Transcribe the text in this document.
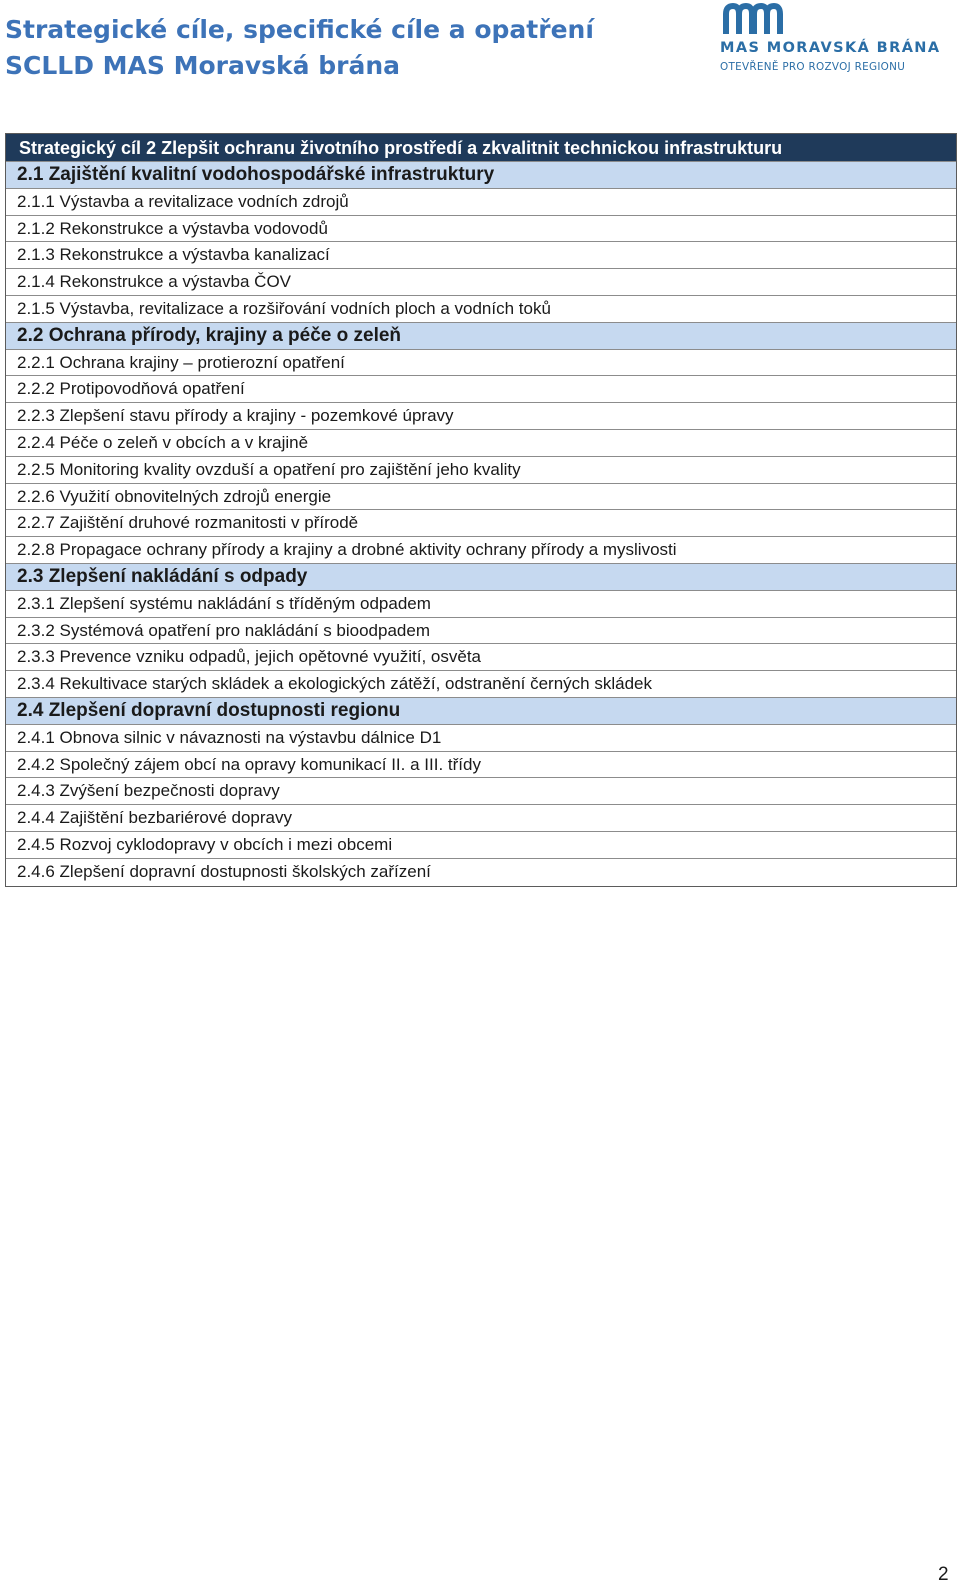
Strategické cíle, specifické cíle a opatření
SCLLD MAS Moravská brána
MAS MORAVSKÁ BRÁNA
OTEVŘENĚ PRO ROZVOJ REGIONU
Strategický cíl 2 Zlepšit ochranu životního prostředí a zkvalitnit technickou infrastrukturu
2.1 Zajištění kvalitní vodohospodářské infrastruktury
2.1.1 Výstavba a revitalizace vodních zdrojů
2.1.2 Rekonstrukce a výstavba vodovodů
2.1.3 Rekonstrukce a výstavba kanalizací
2.1.4 Rekonstrukce a výstavba ČOV
2.1.5 Výstavba, revitalizace a rozšiřování vodních ploch a vodních toků
2.2 Ochrana přírody, krajiny a péče o zeleň
2.2.1 Ochrana krajiny – protierozní opatření
2.2.2 Protipovodňová opatření
2.2.3 Zlepšení stavu přírody a krajiny - pozemkové úpravy
2.2.4 Péče o zeleň v obcích a v krajině
2.2.5 Monitoring kvality ovzduší a opatření pro zajištění jeho kvality
2.2.6 Využití obnovitelných zdrojů energie
2.2.7 Zajištění druhové rozmanitosti v přírodě
2.2.8 Propagace ochrany přírody a krajiny a drobné aktivity ochrany přírody a myslivosti
2.3 Zlepšení nakládání s odpady
2.3.1 Zlepšení systému nakládání s tříděným odpadem
2.3.2 Systémová opatření pro nakládání s bioodpadem
2.3.3 Prevence vzniku odpadů, jejich opětovné využití, osvěta
2.3.4 Rekultivace starých skládek a ekologických zátěží, odstranění černých skládek
2.4 Zlepšení dopravní dostupnosti regionu
2.4.1 Obnova silnic v návaznosti na výstavbu dálnice D1
2.4.2 Společný zájem obcí na opravy komunikací II. a III. třídy
2.4.3 Zvýšení bezpečnosti dopravy
2.4.4 Zajištění bezbariérové dopravy
2.4.5 Rozvoj cyklodopravy v obcích i mezi obcemi
2.4.6 Zlepšení dopravní dostupnosti školských zařízení
2
